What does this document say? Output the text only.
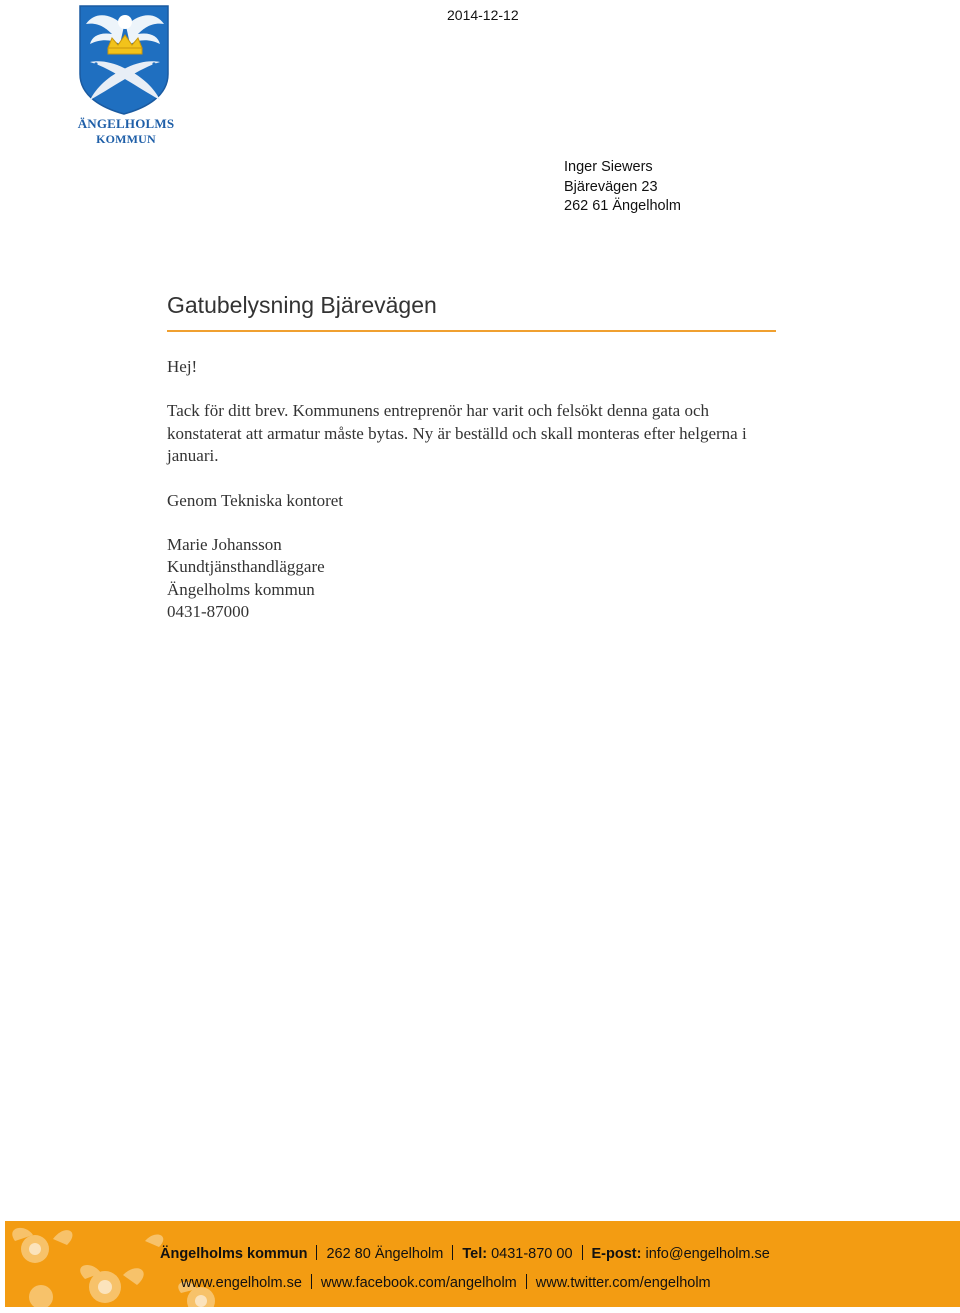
ÄNGELHOLMS
KOMMUN
2014-12-12
Inger Siewers
Bjärevägen 23
262 61 Ängelholm
Gatubelysning Bjärevägen

Hej!

Tack för ditt brev. Kommunens entreprenör har varit och felsökt denna gata och konstaterat att armatur måste bytas. Ny är beställd och skall monteras efter helgerna i januari.

Genom Tekniska kontoret

Marie Johansson

Kundtjänsthandläggare

Ängelholms kommun

0431-87000

Ängelholms kommun 262 80 Ängelholm Tel: 0431-870 00 E-post: info@engelholm.se
www.engelholm.se www.facebook.com/angelholm www.twitter.com/engelholm
